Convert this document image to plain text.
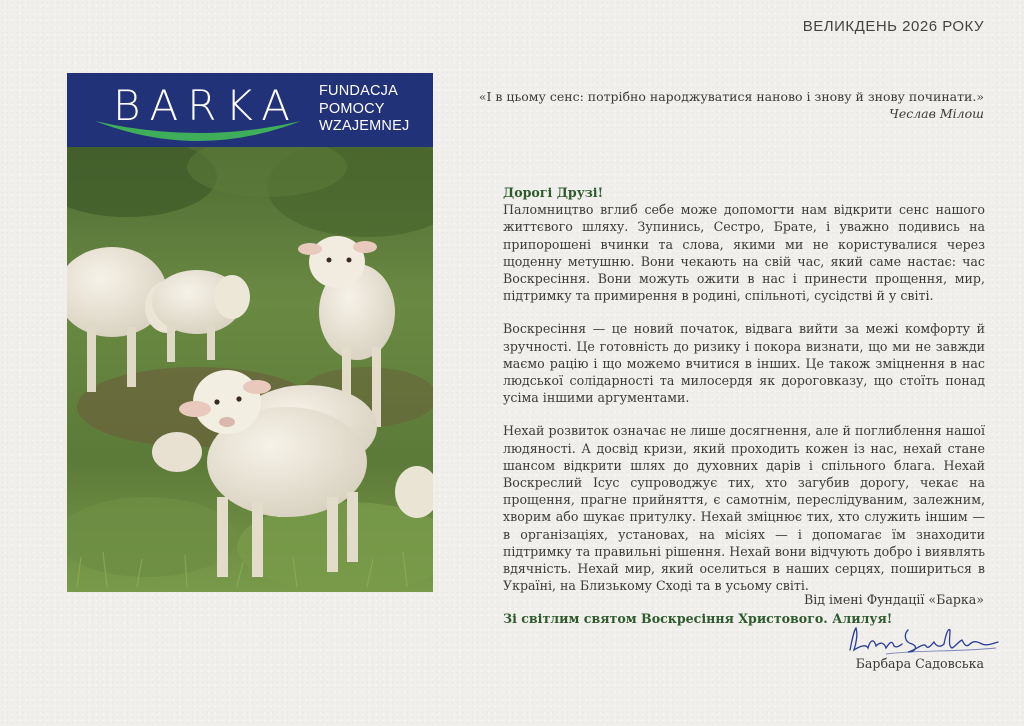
ВЕЛИКДЕНЬ 2026 РОКУ
BARKA FUNDACJA
POMOCY
WZAJEMNEJ
«І в цьому сенс: потрібно народжуватися наново і знову й знову починати.»
Чеслав Мілош

Дорогі Друзі!

Паломництво вглиб себе може допомогти нам відкрити сенс нашого життєвого шляху. Зупинись, Сестро, Брате, і уважно подивись на припорошені вчинки та слова, якими ми не користувалися через щоденну метушню. Вони чекають на свій час, який саме настає: час Воскресіння. Вони можуть ожити в нас і принести прощення, мир, підтримку та примирення в родині, спільноті, сусідстві й у світі.

Воскресіння — це новий початок, відвага вийти за межі комфорту й зручності. Це готовність до ризику і покора визнати, що ми не завжди маємо рацію і що можемо вчитися в інших. Це також зміцнення в нас людської солідарності та милосердя як дороговказу, що стоїть понад усіма іншими аргументами.

Нехай розвиток означає не лише досягнення, але й поглиблення нашої людяності. А досвід кризи, який проходить кожен із нас, нехай стане шансом відкрити шлях до духовних дарів і спільного блага. Нехай Воскреслий Ісус супроводжує тих, хто загубив дорогу, чекає на прощення, прагне прийняття, є самотнім, переслідуваним, залежним, хворим або шукає притулку. Нехай зміцнює тих, хто служить іншим — в організаціях, установах, на місіях — і допомагає їм знаходити підтримку та правильні рішення. Нехай вони відчують добро і виявлять вдячність. Нехай мир, який оселиться в наших серцях, пошириться в Україні, на Близькому Сході та в усьому світі.

Зі світлим святом Воскресіння Христового. Алилуя!

Від імені Фундації «Барка»
Барбара Садовська
